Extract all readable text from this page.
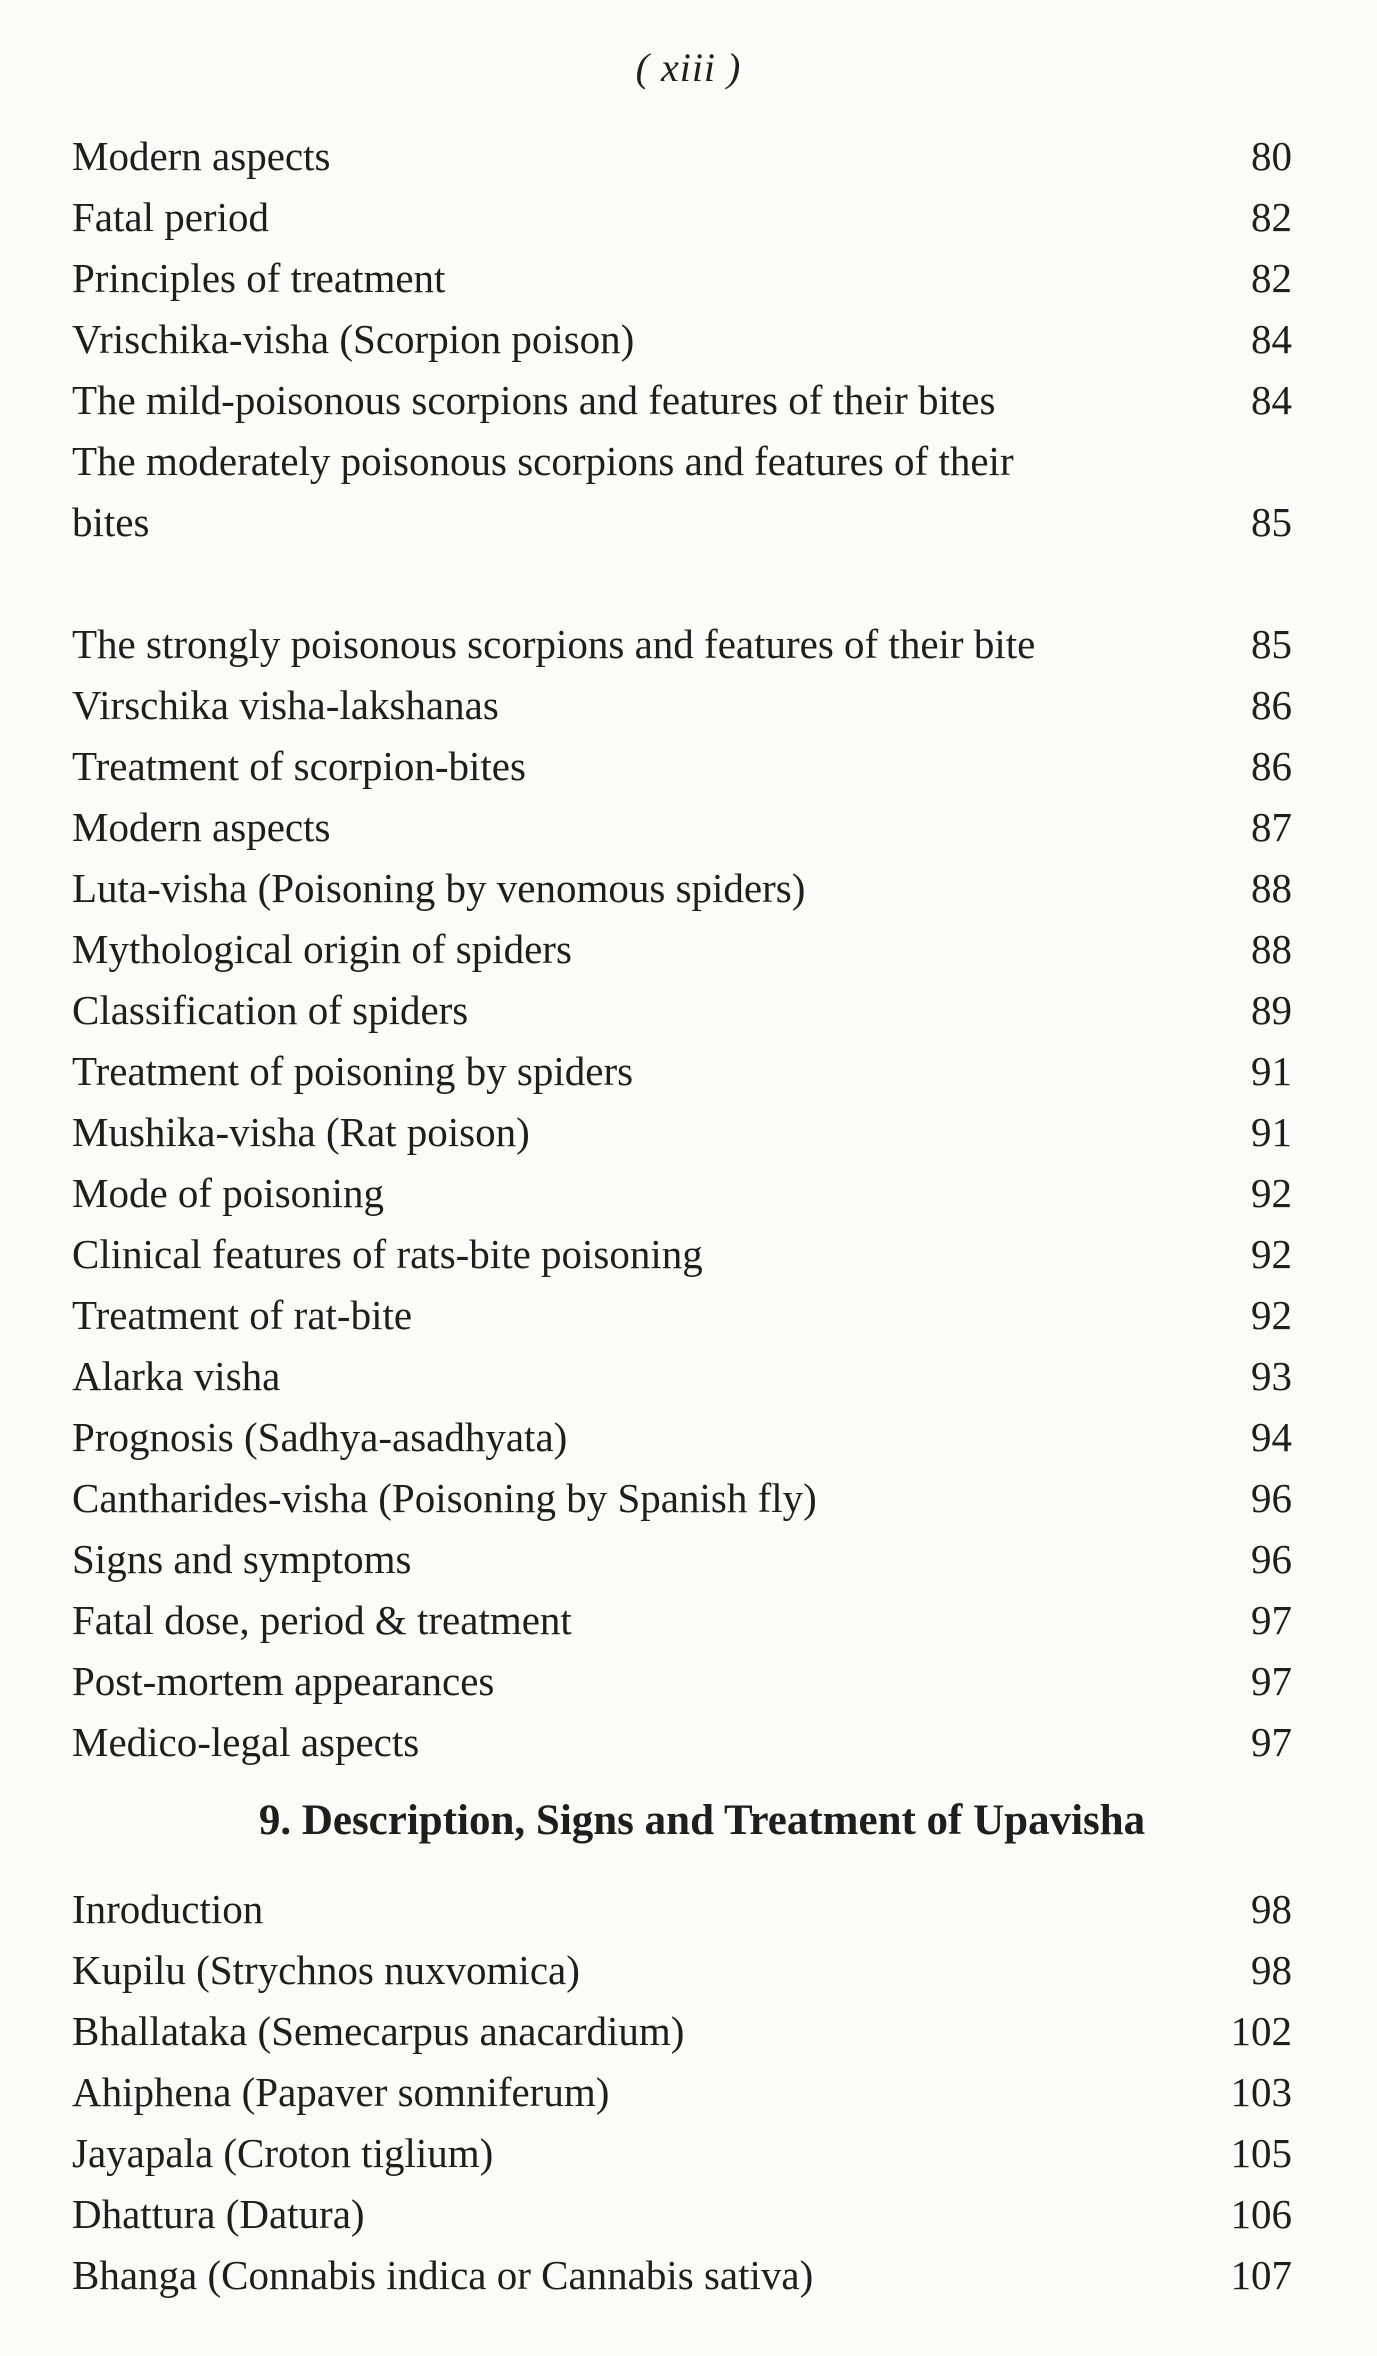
( xiii )
Modern aspects	80
Fatal period	82
Principles of treatment	82
Vrischika-visha (Scorpion poison)	84
The mild-poisonous scorpions and features of their bites	84
The moderately poisonous scorpions and features of their bites	85
The strongly poisonous scorpions and features of their bite	85
Virschika visha-lakshanas	86
Treatment of scorpion-bites	86
Modern aspects	87
Luta-visha (Poisoning by venomous spiders)	88
Mythological origin of spiders	88
Classification of spiders	89
Treatment of poisoning by spiders	91
Mushika-visha (Rat poison)	91
Mode of poisoning	92
Clinical features of rats-bite poisoning	92
Treatment of rat-bite	92
Alarka visha	93
Prognosis (Sadhya-asadhyata)	94
Cantharides-visha (Poisoning by Spanish fly)	96
Signs and symptoms	96
Fatal dose, period & treatment	97
Post-mortem appearances	97
Medico-legal aspects	97
9. Description, Signs and Treatment of Upavisha
Inroduction	98
Kupilu (Strychnos nuxvomica)	98
Bhallataka (Semecarpus anacardium)	102
Ahiphena (Papaver somniferum)	103
Jayapala (Croton tiglium)	105
Dhattura (Datura)	106
Bhanga (Connabis indica or Cannabis sativa)	107
